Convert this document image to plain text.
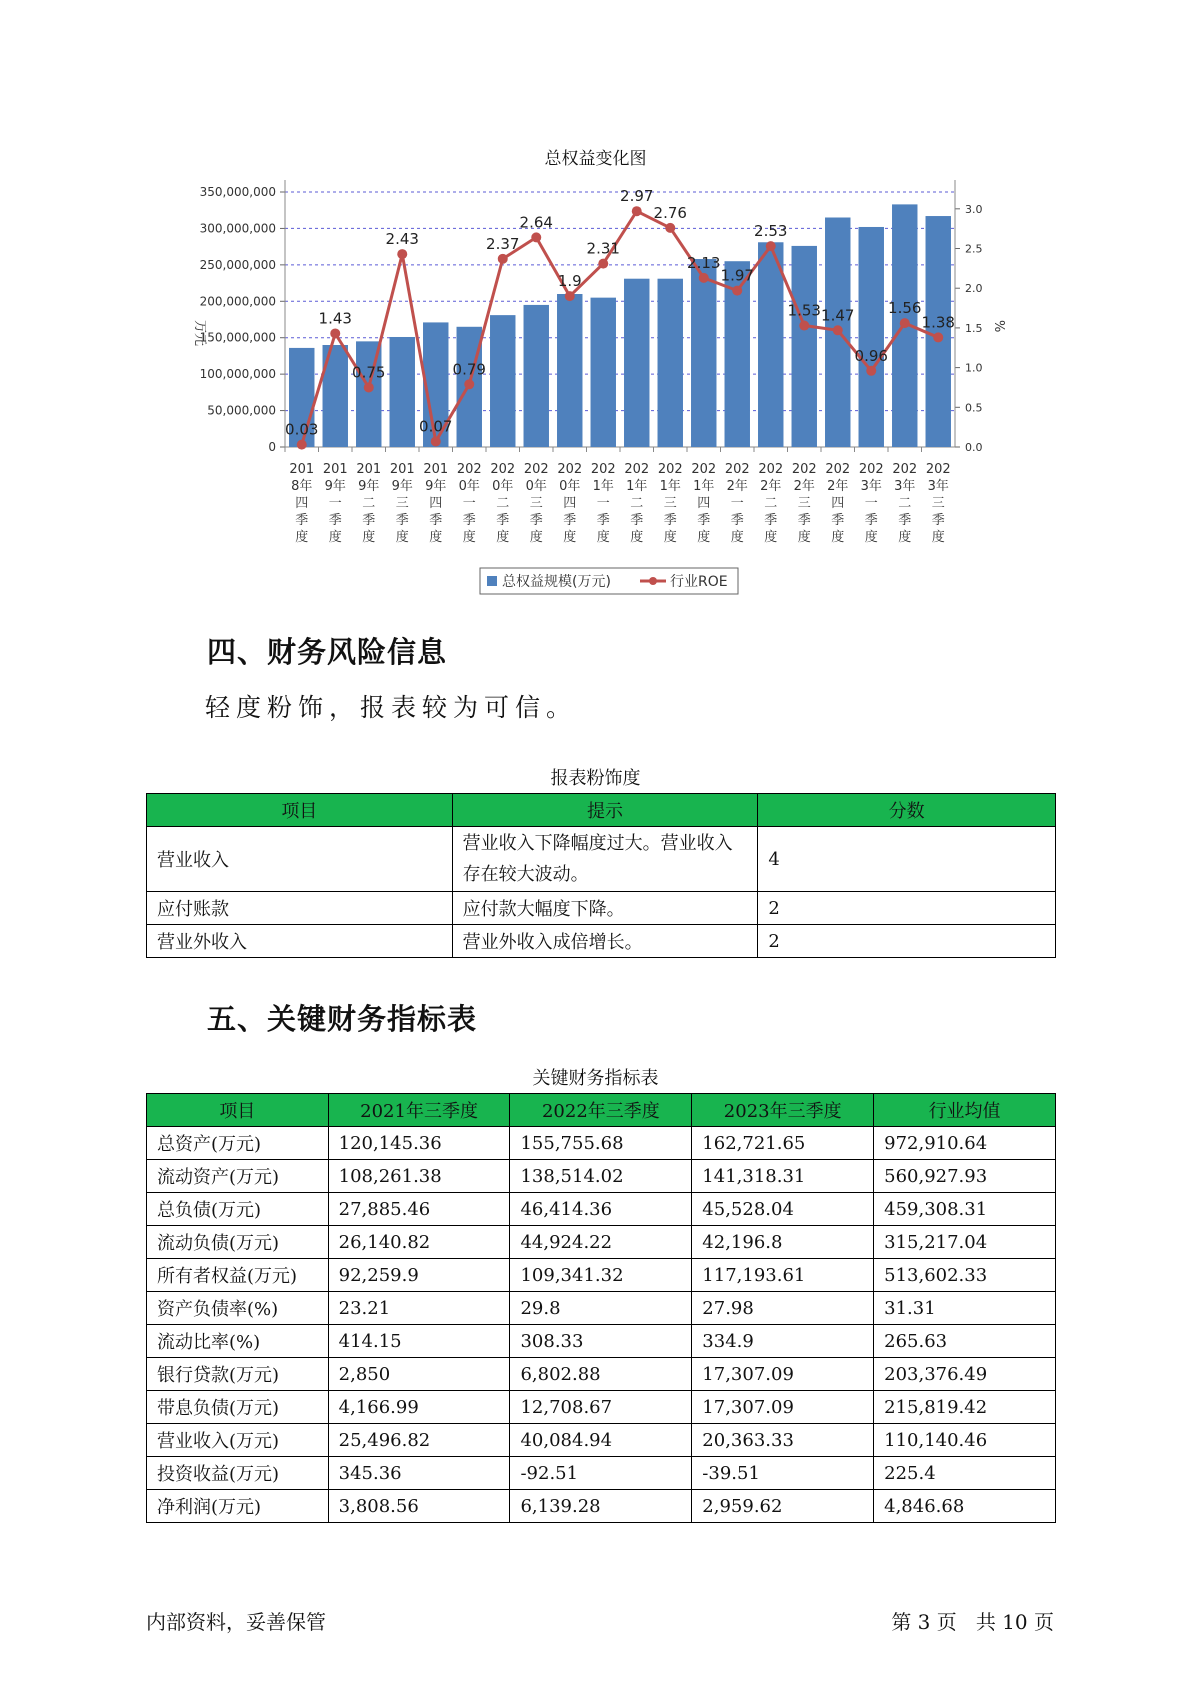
总权益变化图
0
50,000,000
100,000,000
150,000,000
200,000,000
250,000,000
300,000,000
350,000,000
0.0
0.5
1.0
1.5
2.0
2.5
3.0
万元	%
201
8年
四
季
度
201
9年
一
季
度
201
9年
二
季
度
201
9年
三
季
度
201
9年
四
季
度
202
0年
一
季
度
202
0年
二
季
度
202
0年
三
季
度
202
0年
四
季
度
202
1年
一
季
度
202
1年
二
季
度
202
1年
三
季
度
202
1年
四
季
度
202
2年
一
季
度
202
2年
二
季
度
202
2年
三
季
度
202
2年
四
季
度
202
3年
一
季
度
202
3年
二
季
度
202
3年
三
季
度
0.03
1.43
0.75
2.43
0.07
0.79
2.37
2.64
1.9
2.31
2.97
2.76
2.13
1.97
2.53
1.53 1.47
0.96
1.56
1.38
总权益规模(万元)	行业ROE
四、财务风险信息
轻度粉饰，报表较为可信。
报表粉饰度
项目	提示	分数
营业收入	营业收入下降幅度过大。营业收入存在较大波动。	4
应付账款	应付款大幅度下降。	2
营业外收入	营业外收入成倍增长。	2
五、关键财务指标表
关键财务指标表
项目	2021年三季度	2022年三季度	2023年三季度	行业均值
总资产(万元)	120,145.36	155,755.68	162,721.65	972,910.64
流动资产(万元)	108,261.38	138,514.02	141,318.31	560,927.93
总负债(万元)	27,885.46	46,414.36	45,528.04	459,308.31
流动负债(万元)	26,140.82	44,924.22	42,196.8	315,217.04
所有者权益(万元)	92,259.9	109,341.32	117,193.61	513,602.33
资产负债率(%)	23.21	29.8	27.98	31.31
流动比率(%)	414.15	308.33	334.9	265.63
银行贷款(万元)	2,850	6,802.88	17,307.09	203,376.49
带息负债(万元)	4,166.99	12,708.67	17,307.09	215,819.42
营业收入(万元)	25,496.82	40,084.94	20,363.33	110,140.46
投资收益(万元)	345.36	-92.51	-39.51	225.4
净利润(万元)	3,808.56	6,139.28	2,959.62	4,846.68
内部资料，妥善保管	第 3 页   共 10 页
